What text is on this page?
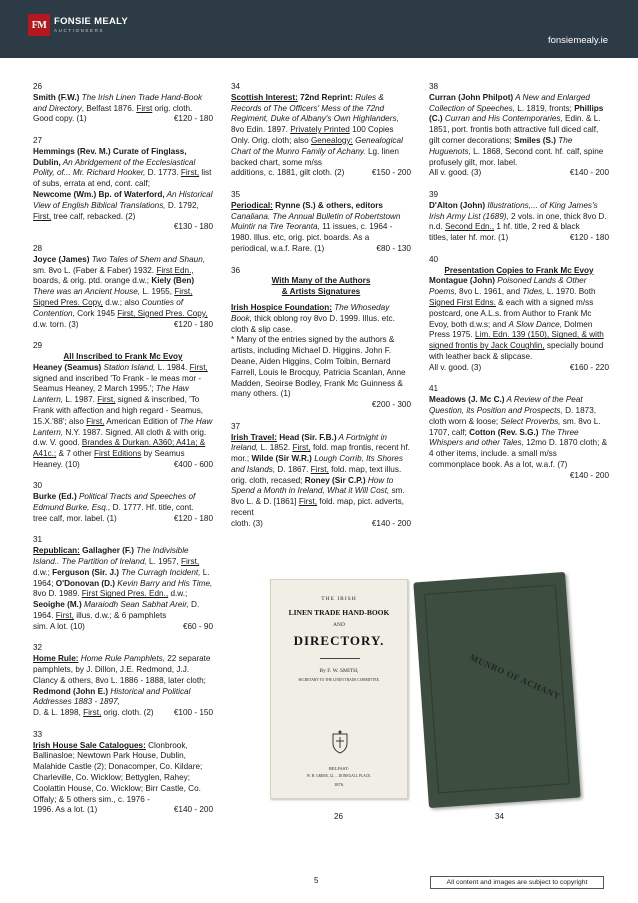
FM FONSIE MEALY
AUCTIONEERS
fonsiemealy.ie
26
Smith (F.W.) The Irish Linen Trade Hand-Book and Directory, Belfast 1876. First orig. cloth.
Good copy. (1)	€120 - 180
27
Hemmings (Rev. M.) Curate of Finglass, Dublin, An Abridgement of the Ecclesiastical Polity, of... Mr. Richard Hooker, D. 1773. First, list of subs, errata at end, cont. calf;
Newcome (Wm.) Bp. of Waterford, An Historical View of English Biblical Translations, D. 1792, First, tree calf, rebacked. (2)
€130 - 180
28
Joyce (James) Two Tales of Shem and Shaun, sm. 8vo L. (Faber & Faber) 1932. First Edn., boards, & orig. ptd. orange d.w.; Kiely (Ben) There was an Ancient House, L. 1955, First, Signed Pres. Copy, d.w.; also Counties of Contention, Cork 1945 First, Signed Pres. Copy, d.w. torn. (3)	€120 - 180
29
All Inscribed to Frank Mc Evoy
Heaney (Seamus) Station Island, L. 1984. First, signed and inscribed 'To Frank - le meas mor - Seamus Heaney, 2 March 1995.'; The Haw Lantern, L. 1987. First, signed & inscribed, 'To Frank with affection and high regard - Seamus, 15.X.'88'; also First, American Edition of The Haw Lantern, N.Y. 1987. Signed. All cloth & with orig. d.w. V. good. Brandes & Durkan. A360; A41a; & A41c.; & 7 other First Editions by Seamus Heaney. (10)	€400 - 600
30
Burke (Ed.) Political Tracts and Speeches of Edmund Burke, Esq., D. 1777. Hf. title, cont.
tree calf, mor. label. (1)	€120 - 180
31
Republican: Gallagher (F.) The Indivisible Island.. The Partition of Ireland, L. 1957, First, d.w.; Ferguson (Sir. J.) The Curragh Incident, L. 1964; O'Donovan (D.) Kevin Barry and His Time, 8vo D. 1989. First Signed Pres. Edn., d.w.; Seoighe (M.) Maraiodh Sean Sabhat Areir, D. 1964. First, illus. d.w.; & 6 pamphlets
sim. A lot. (10)	€60 - 90
32
Home Rule: Home Rule Pamphlets, 22 separate pamphlets, by J. Dillon, J.E. Redmond, J.J. Clancy & others, 8vo L. 1886 - 1888, later cloth; Redmond (John E.) Historical and Political Addresses 1883 - 1897,
D. & L. 1898, First, orig. cloth. (2) €100 - 150
33
Irish House Sale Catalogues: Clonbrook, Ballinasloe; Newtown Park House, Dublin, Malahide Castle (2); Donacomper, Co. Kildare; Charleville, Co. Wicklow; Bettyglen, Rahey; Coolattin House, Co. Wicklow; Birr Castle, Co. Offaly; & 5 others sim., c. 1976 -
1996. As a lot. (1)	€140 - 200
34
Scottish Interest: 72nd Reprint: Rules & Records of The Officers' Mess of the 72nd Regiment, Duke of Albany's Own Highlanders, 8vo Edin. 1897. Privately Printed 100 Copies Only. Orig. cloth; also Genealogy: Genealogical Chart of the Munro Family of Achany. Lg. linen backed chart, some m/ss
additions, c. 1881, gilt cloth. (2)	€150 - 200
35
Periodical: Rynne (S.) & others, editors Canaliana. The Annual Bulletin of Robertstown Muintir na Tire Teoranta, 11 issues, c. 1964 - 1980. Illus. etc, orig. pict. boards. As a
periodical, w.a.f. Rare. (1)	€80 - 130
36
With Many of the Authors
& Artists Signatures
Irish Hospice Foundation: The Whoseday Book, thick oblong roy 8vo D. 1999. Illus. etc. cloth & slip case.
* Many of the entries signed by the authors & artists, including Michael D. Higgins. John F. Deane, Aiden Higgins, Colm Toibin, Bernard Farrell, Louis le Brocquy, Patricia Scanlan, Anne Madden, Seoirse Bodley, Frank Mc Guinness & many others. (1)
€200 - 300
37
Irish Travel: Head (Sir. F.B.) A Fortnight in Ireland, L. 1852. First, fold. map frontis, recent hf. mor.; Wilde (Sir W.R.) Lough Corrib, Its Shores and Islands, D. 1867. First, fold. map, text illus. orig. cloth, recased; Roney (Sir C.P.) How to Spend a Month in Ireland, What it Will Cost, sm. 8vo L. & D. [1861] First, fold. map, pict. adverts, recent
cloth. (3)	€140 - 200
38
Curran (John Philpot) A New and Enlarged Collection of Speeches, L. 1819, fronts; Phillips (C.) Curran and His Contemporaries, Edin. & L. 1851, port. frontis both attractive full diced calf, gilt corner decorations; Smiles (S.) The Huguenots, L. 1868, Second cont. hf. calf, spine profusely gilt, mor. label.
All v. good. (3)	€140 - 200
39
D'Alton (John) Illustrations,... of King James's Irish Army List (1689), 2 vols. in one, thick 8vo D. n.d. Second Edn., 1 hf. title, 2 red & black
titles, later hf. mor. (1)	€120 - 180
40
Presentation Copies to Frank Mc Evoy
Montague (John) Poisoned Lands & Other Poems, 8vo L. 1961, and Tides, L. 1970. Both Signed First Edns. & each with a signed m/ss postcard, one A.L.s. from Author to Frank Mc Evoy, both d.w.s; and A Slow Dance, Dolmen Press 1975. Lim. Edn. 139 (150), Signed, & with signed frontis by Jack Coughlin, specially bound with leather back & slipcase.
All v. good. (3)	€160 - 220
41
Meadows (J. Mc C.) A Review of the Peat Question, its Position and Prospects, D. 1873, cloth worn & loose; Select Proverbs, sm. 8vo L. 1707, calf; Cotton (Rev. S.G.) The Three Whispers and other Tales, 12mo D. 1870 cloth; & 4 other items, include. a small m/ss commonplace book. As a lot, w.a.f. (7)
€140 - 200
THE IRISH
LINEN TRADE HAND-BOOK
AND
DIRECTORY.
By F. W. SMITH,
SECRETARY TO THE LINEN TRADE COMMITTEE.
BELFAST:
W. H. GREER, 32, ... DONEGALL PLACE.
1876.
MUNRO OF ACHANY
26	34
5	All content and images are subject to copyright
